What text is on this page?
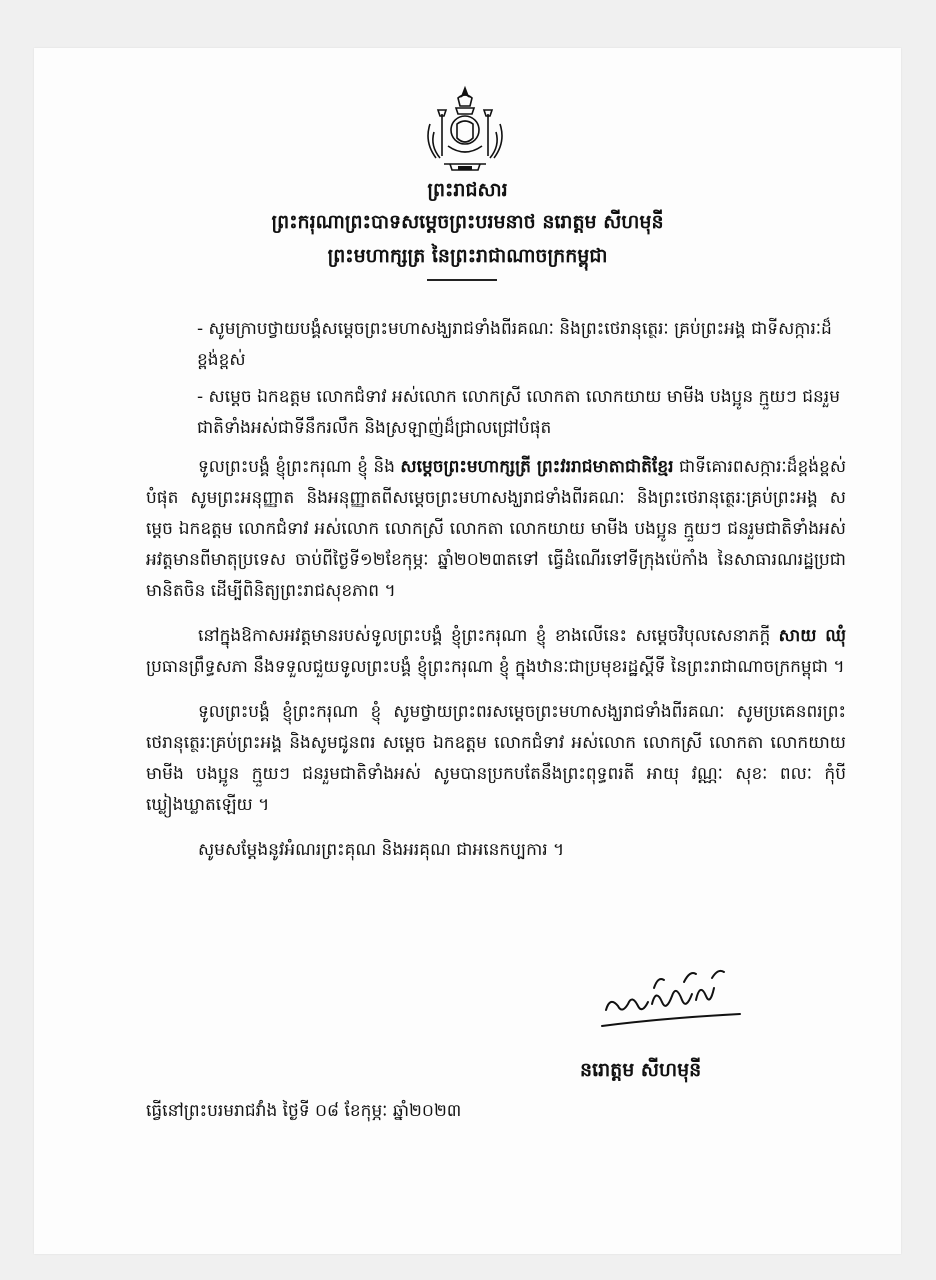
ព្រះរាជសារ
ព្រះករុណាព្រះបាទសម្តេចព្រះបរមនាថ នរោត្តម សីហមុនី
ព្រះមហាក្សត្រ នៃព្រះរាជាណាចក្រកម្ពុជា
- សូមក្រាបថ្វាយបង្គំសម្តេចព្រះមហាសង្ឃរាជទាំងពីរគណៈ និងព្រះថេរានុត្ថេរៈ គ្រប់ព្រះអង្គ ជាទីសក្ការៈដ៏ខ្ពង់ខ្ពស់
- សម្តេច ឯកឧត្តម លោកជំទាវ អស់លោក លោកស្រី លោកតា លោកយាយ មាមីង បងប្អូន ក្មួយៗ ជនរួមជាតិទាំងអស់ជាទីនឹករលឹក និងស្រឡាញ់ដ៏ជ្រាលជ្រៅបំផុត

ទូលព្រះបង្គំ ខ្ញុំព្រះករុណា ខ្ញុំ និង សម្តេចព្រះមហាក្សត្រី ព្រះវររាជមាតាជាតិខ្មែរ ជាទីគោរពសក្ការៈដ៏ខ្ពង់ខ្ពស់បំផុត សូមព្រះអនុញ្ញាត និងអនុញ្ញាតពីសម្តេចព្រះមហាសង្ឃរាជទាំងពីរគណៈ និងព្រះថេរានុត្ថេរៈគ្រប់ព្រះអង្គ សម្តេច ឯកឧត្តម លោកជំទាវ អស់លោក លោកស្រី លោកតា លោកយាយ មាមីង បងប្អូន ក្មួយៗ ជនរួមជាតិទាំងអស់ អវត្តមានពីមាតុប្រទេស ចាប់ពីថ្ងៃទី១២ខែកុម្ភៈ ឆ្នាំ២០២៣តទៅ ធ្វើដំណើរទៅទីក្រុងប៉េកាំង នៃសាធារណរដ្ឋប្រជាមានិតចិន ដើម្បីពិនិត្យព្រះរាជសុខភាព ។

នៅក្នុងឱកាសអវត្តមានរបស់ទូលព្រះបង្គំ ខ្ញុំព្រះករុណា ខ្ញុំ ខាងលើនេះ សម្តេចវិបុលសេនាភក្តី សាយ ឈុំ ប្រធានព្រឹទ្ធសភា នឹងទទួលជួយទូលព្រះបង្គំ ខ្ញុំព្រះករុណា ខ្ញុំ ក្នុងឋានៈជាប្រមុខរដ្ឋស្តីទី នៃព្រះរាជាណាចក្រកម្ពុជា ។

ទូលព្រះបង្គំ ខ្ញុំព្រះករុណា ខ្ញុំ សូមថ្វាយព្រះពរសម្តេចព្រះមហាសង្ឃរាជទាំងពីរគណៈ សូមប្រគេនពរព្រះថេរានុត្ថេរៈគ្រប់ព្រះអង្គ និងសូមជូនពរ សម្តេច ឯកឧត្តម លោកជំទាវ អស់លោក លោកស្រី លោកតា លោកយាយ មាមីង បងប្អូន ក្មួយៗ ជនរួមជាតិទាំងអស់ សូមបានប្រកបតែនឹងព្រះពុទ្ធពរតី អាយុ វណ្ណៈ សុខៈ ពលៈ កុំបីឃ្លៀងឃ្លាតឡើយ ។

សូមសម្តែងនូវអំណរព្រះគុណ និងអរគុណ ជាអនេកប្បការ ។

នរោត្តម សីហមុនី
ធ្វើនៅព្រះបរមរាជវាំង ថ្ងៃទី ០៨ ខែកុម្ភៈ ឆ្នាំ២០២៣
